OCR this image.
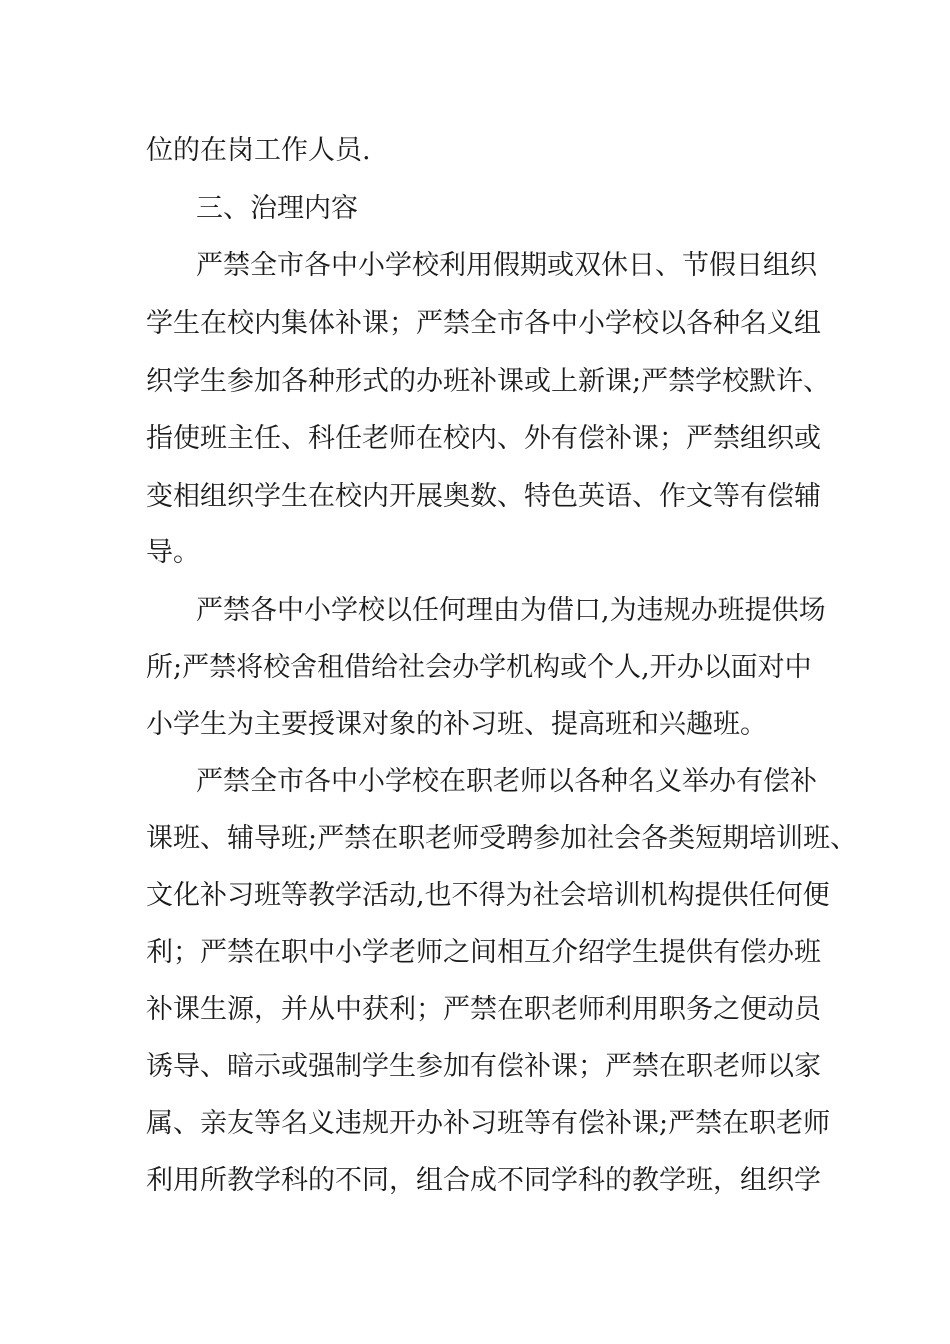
位的在岗工作人员.
三、治理内容
严禁全市各中小学校利用假期或双休日、节假日组织
学生在校内集体补课；严禁全市各中小学校以各种名义组
织学生参加各种形式的办班补课或上新课;严禁学校默许、
指使班主任、科任老师在校内、外有偿补课；严禁组织或
变相组织学生在校内开展奥数、特色英语、作文等有偿辅
导。
严禁各中小学校以任何理由为借口,为违规办班提供场
所;严禁将校舍租借给社会办学机构或个人,开办以面对中
小学生为主要授课对象的补习班、提高班和兴趣班。
严禁全市各中小学校在职老师以各种名义举办有偿补
课班、辅导班;严禁在职老师受聘参加社会各类短期培训班、
文化补习班等教学活动,也不得为社会培训机构提供任何便
利；严禁在职中小学老师之间相互介绍学生提供有偿办班
补课生源，并从中获利；严禁在职老师利用职务之便动员
诱导、暗示或强制学生参加有偿补课；严禁在职老师以家
属、亲友等名义违规开办补习班等有偿补课;严禁在职老师
利用所教学科的不同，组合成不同学科的教学班，组织学
